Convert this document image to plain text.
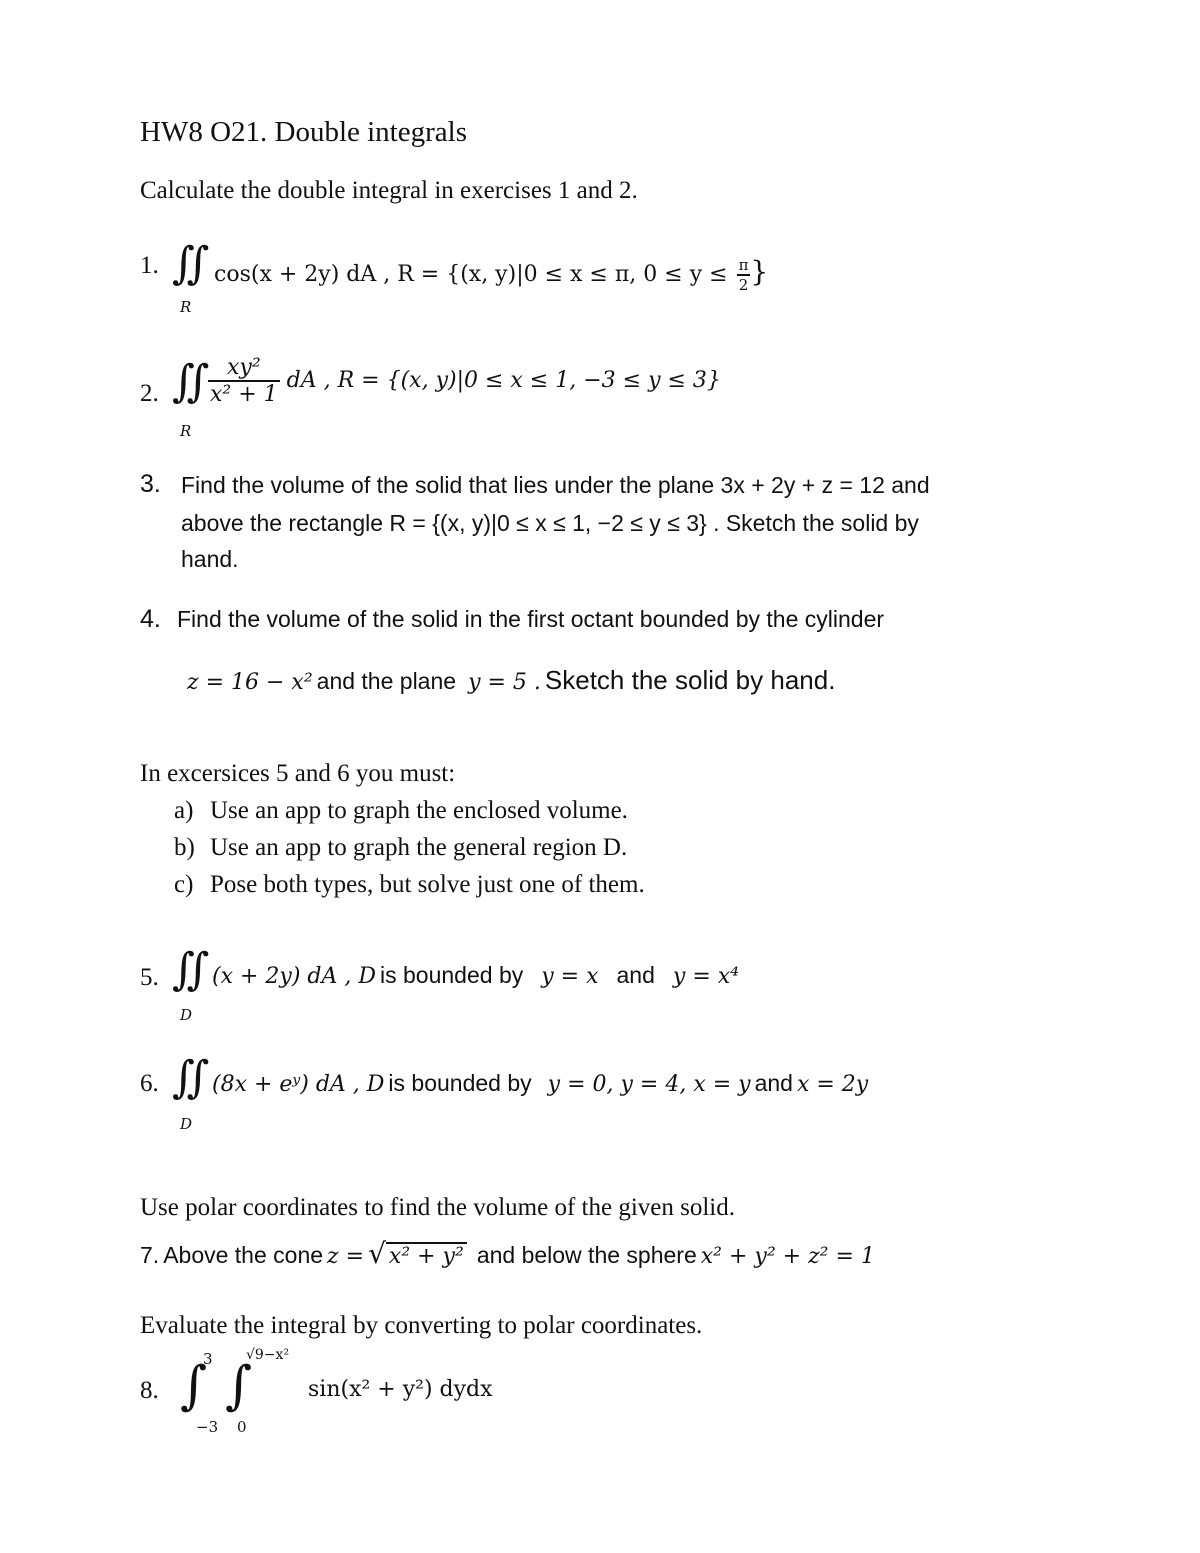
HW8 O21. Double integrals
Calculate the double integral in exercises 1 and 2.
1. ∬
R
cos(x + 2y) dA , R = {(x, y)|0 ≤ x ≤ π, $0 \le y \le \frac{\pi}{2}$ }
2. ∬
R
$\frac{\text{xy²}}{\text{x² + 1}}$ dA , R = {(x, y)|0 ≤ x ≤ 1, −3 ≤ y ≤ 3}
3. Find the volume of the solid that lies under the plane 3x + 2y + z = 12 and
above the rectangle R = {(x, y)|0 ≤ x ≤ 1, −2 ≤ y ≤ 3} . Sketch the solid by
hand.
4. Find the volume of the solid in the first octant bounded by the cylinder
z = 16 − x² and the plane y = 5 . Sketch the solid by hand.
In excersices 5 and 6 you must:
a) Use an app to graph the enclosed volume.
b) Use an app to graph the general region D.
c) Pose both types, but solve just one of them.
5. ∬
D
(x + 2y) dA , D is bounded by y = x and y = x⁴
6. ∬
D
(8x + eʸ) dA , D is bounded by y = 0, y = 4, x = y and x = 2y
Use polar coordinates to find the volume of the given solid.
7. Above the cone z = √ x² + y² and below the sphere x² + y² + z² = 1
Evaluate the integral by converting to polar coordinates.
8. ∫
3
−3
∫
√9−x²
0
sin(x² + y²) dydx
